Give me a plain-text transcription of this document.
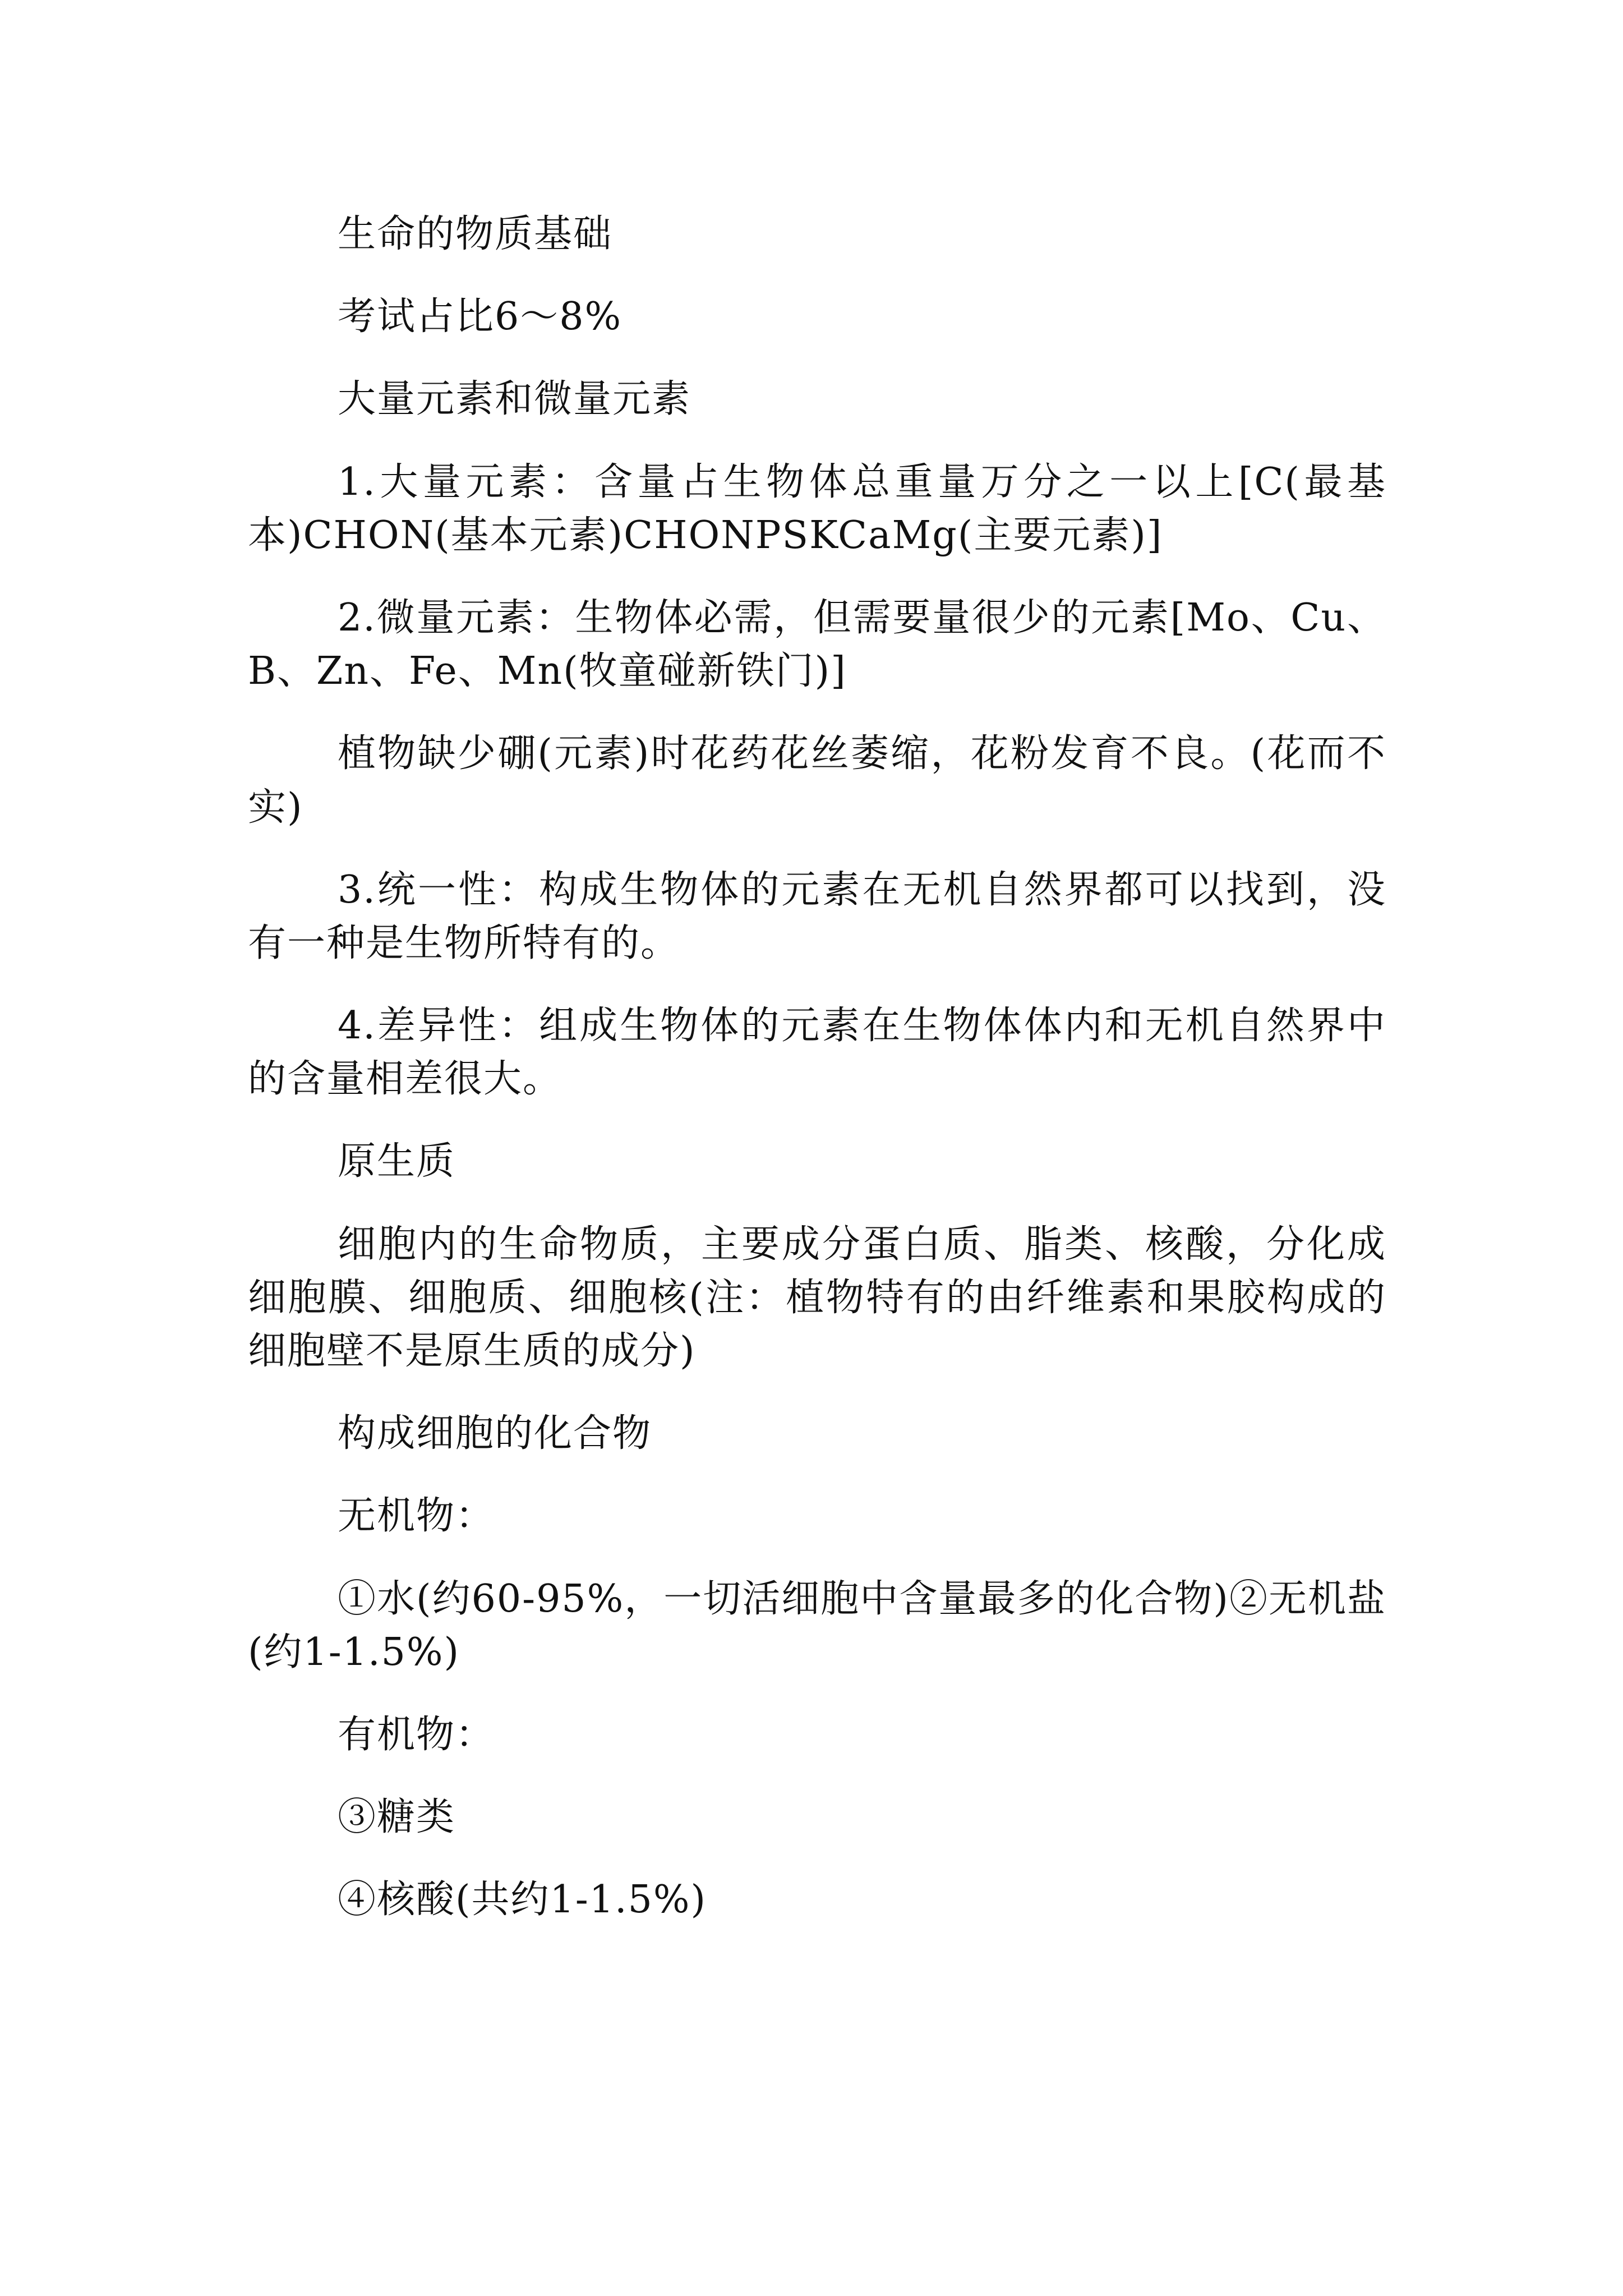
生命的物质基础

考试占比6～8%

大量元素和微量元素

1.大量元素：含量占生物体总重量万分之一以上[C(最基本)CHON(基本元素)CHONPSKCaMg(主要元素)]

2.微量元素：生物体必需，但需要量很少的元素[Mo、Cu、B、Zn、Fe、Mn(牧童碰新铁门)]

植物缺少硼(元素)时花药花丝萎缩，花粉发育不良。(花而不实)

3.统一性：构成生物体的元素在无机自然界都可以找到，没有一种是生物所特有的。

4.差异性：组成生物体的元素在生物体体内和无机自然界中的含量相差很大。

原生质

细胞内的生命物质，主要成分蛋白质、脂类、核酸，分化成细胞膜、细胞质、细胞核(注：植物特有的由纤维素和果胶构成的细胞壁不是原生质的成分)

构成细胞的化合物

无机物：

①水(约60-95%，一切活细胞中含量最多的化合物)②无机盐(约1-1.5%)

有机物：

③糖类

④核酸(共约1-1.5%)
